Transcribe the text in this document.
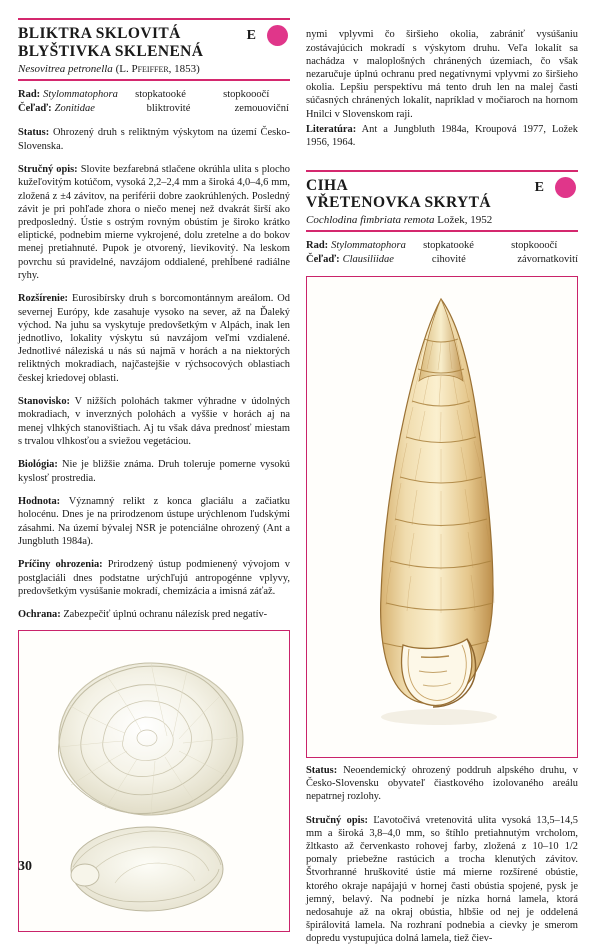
BLIKTRA SKLOVITÁ
BLYŠTIVKA SKLENENÁ
Nesovitrea petronella (L. Pfeiffer, 1853)
E
Rad: Stylommatophora	stopkatooké	stopkooočí
Čeľaď: Zonitidae	bliktrovité	zemouoviční

Status: Ohrozený druh s reliktným výskytom na území Česko-Slovenska.

Stručný opis: Slovite bezfarebná stlačene okrúhla ulita s plocho kužeľovitým kotúčom, vysoká 2,2–2,4 mm a široká 4,0–4,6 mm, zložená z ±4 závitov, na periférii dobre zaokrúhlených. Posledný závit je pri pohľade zhora o niečo menej než dvakrát širší ako predposledný. Ústie s ostrým rovným obústím je široko krátko eliptické, podnebim mierne vykrojené, dolu zretelne a do bokov menej pretiahnuté. Pupok je otvorený, lievikovitý. Na leskom povrchu sú pravidelné, navzájom oddialené, prehĺbené radiálne ryhy.

Rozšírenie: Eurosibírsky druh s borcomontánnym areálom. Od severnej Európy, kde zasahuje vysoko na sever, až na Ďaleký východ. Na juhu sa vyskytuje predovšetkým v Alpách, inak len jednotlivo, lokality výskytu sú navzájom veľmi vzdialené. Jednotlivé náleziská u nás sú najmä v horách a na niektorých reliktných mokradiach, najčastejšie v rýchsocových oblastiach českej kriedovej oblasti.

Stanovisko: V nižších polohách takmer výhradne v údolných mokradiach, v inverzných polohách a vyššie v horách aj na menej vlhkých stanovištiach. Aj tu však dáva prednosť miestam s trvalou vlhkosťou a sviežou vegetáciou.

Biológia: Nie je bližšie známa. Druh toleruje pomerne vysokú kyslosť prostredia.

Hodnota: Významný relikt z konca glaciálu a začiatku holocénu. Dnes je na prirodzenom ústupe urýchlenom ľudskými zásahmi. Na území bývalej NSR je potenciálne ohrozený (Ant a Jungbluth 1984a).

Príčiny ohrozenia: Prirodzený ústup podmienený vývojom v postglaciáli dnes podstatne urýchľujú antropogénne vplyvy, predovšetkým vysúšanie mokradí, chemizácia a imisná záťaž.

Ochrana: Zabezpečiť úplnú ochranu nálezísk pred negatív-

nymi vplyvmi čo širšieho okolia, zabrániť vysúšaniu zostávajúcich mokradí s výskytom druhu. Veľa lokalít sa nachádza v maloplošných chránených územiach, čo však nezaručuje úplnú ochranu pred negatívnymi vplyvmi zo širšieho okolia. Lepšiu perspektívu má tento druh len na malej časti súčasných chránených lokalít, napríklad v močiaroch na hornom Hnilci v Slovenskom raji.

Literatúra: Ant a Jungbluth 1984a, Kroupová 1977, Ložek 1956, 1964.

CIHA
VŘETENOVKA SKRYTÁ
Cochlodina fimbriata remota Ložek, 1952
E
Rad: Stylommatophora	stopkatooké	stopkooočí
Čeľaď: Clausiliidae	cihovité	závornatkovití

Status: Neoendemický ohrozený poddruh alpského druhu, v Česko-Slovensku obyvateľ čiastkového izolovaného areálu nepatrnej rozlohy.

Stručný opis: Ľavotočivá vretenovitá ulita vysoká 13,5–14,5 mm a široká 3,8–4,0 mm, so štíhlo pretiahnutým vrcholom, žltkasto až červenkasto rohovej farby, zložená z 10–10 1/2 pomaly priebežne rastúcich a trocha klenutých závitov. Štvorhranné hruškovité ústie má mierne rozšírené obústie, ktorého okraje napájajú v hornej časti obústia spojené, pysk je jemný, belavý. Na podnebí je nízka horná lamela, ktorá nedosahuje až na okraj obústia, hlbšie od nej je oddelená špirálovitá lamela. Na rozhraní podnebia a cievky je smerom dopredu vystupujúca dolná lamela, tiež čiev-

30
